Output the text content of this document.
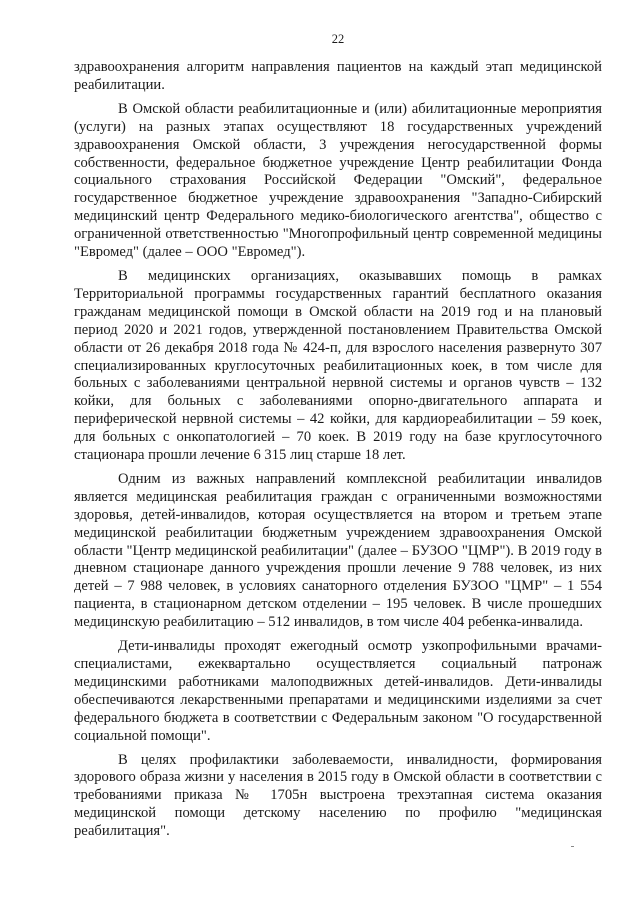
22

здравоохранения алгоритм направления пациентов на каждый этап медицинской реабилитации.

В Омской области реабилитационные и (или) абилитационные мероприятия (услуги) на разных этапах осуществляют 18 государственных учреждений здравоохранения Омской области, 3 учреждения негосударственной формы собственности, федеральное бюджетное учреждение Центр реабилитации Фонда социального страхования Российской Федерации "Омский", федеральное государственное бюджетное учреждение здравоохранения "Западно-Сибирский медицинский центр Федерального медико-биологического агентства", общество с ограниченной ответственностью "Многопрофильный центр современной медицины "Евромед" (далее – ООО "Евромед").

В медицинских организациях, оказывавших помощь в рамках Территориальной программы государственных гарантий бесплатного оказания гражданам медицинской помощи в Омской области на 2019 год и на плановый период 2020 и 2021 годов, утвержденной постановлением Правительства Омской области от 26 декабря 2018 года № 424-п, для взрослого населения развернуто 307 специализированных круглосуточных реабилитационных коек, в том числе для больных с заболеваниями центральной нервной системы и органов чувств – 132 койки, для больных с заболеваниями опорно-двигательного аппарата и периферической нервной системы – 42 койки, для кардиореабилитации – 59 коек, для больных с онкопатологией – 70 коек. В 2019 году на базе круглосуточного стационара прошли лечение 6 315 лиц старше 18 лет.

Одним из важных направлений комплексной реабилитации инвалидов является медицинская реабилитация граждан с ограниченными возможностями здоровья, детей-инвалидов, которая осуществляется на втором и третьем этапе медицинской реабилитации бюджетным учреждением здравоохранения Омской области "Центр медицинской реабилитации" (далее – БУЗОО "ЦМР"). В 2019 году в дневном стационаре данного учреждения прошли лечение 9 788 человек, из них детей – 7 988 человек, в условиях санаторного отделения БУЗОО "ЦМР" – 1 554 пациента, в стационарном детском отделении – 195 человек. В числе прошедших медицинскую реабилитацию – 512 инвалидов, в том числе 404 ребенка-инвалида.

Дети-инвалиды проходят ежегодный осмотр узкопрофильными врачами-специалистами, ежеквартально осуществляется социальный патронаж медицинскими работниками малоподвижных детей-инвалидов. Дети-инвалиды обеспечиваются лекарственными препаратами и медицинскими изделиями за счет федерального бюджета в соответствии с Федеральным законом "О государственной социальной помощи".

В целях профилактики заболеваемости, инвалидности, формирования здорового образа жизни у населения в 2015 году в Омской области в соответствии с требованиями приказа № 1705н выстроена трехэтапная система оказания медицинской помощи детскому населению по профилю "медицинская реабилитация".
